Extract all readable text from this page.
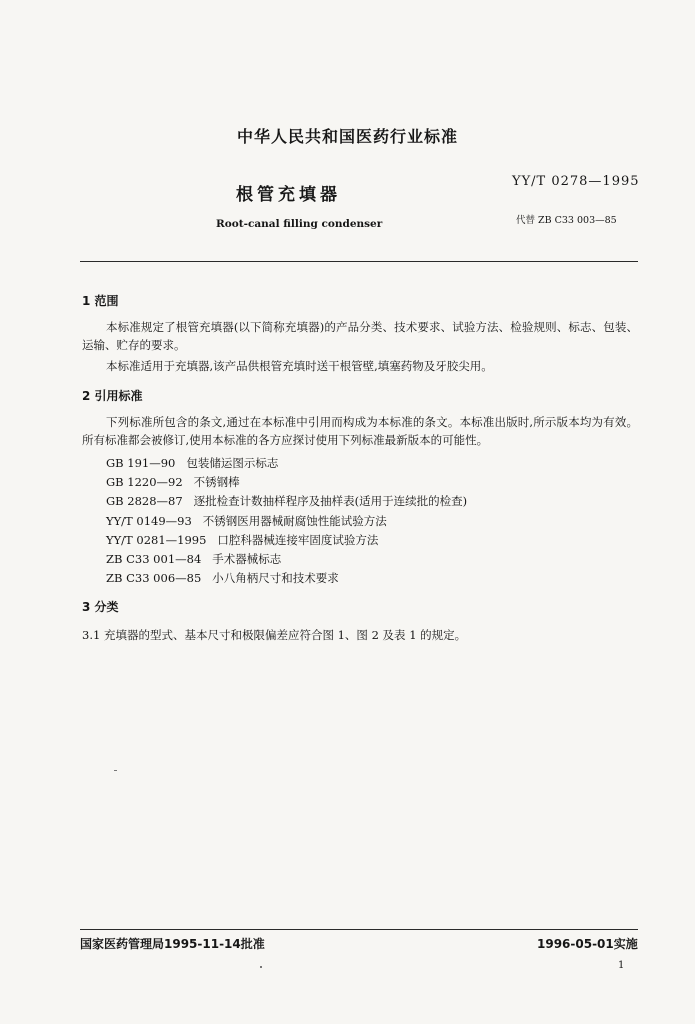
中华人民共和国医药行业标准
根管充填器
Root-canal filling condenser
YY/T 0278—1995
代替 ZB C33 003—85
1 范围
本标准规定了根管充填器(以下简称充填器)的产品分类、技术要求、试验方法、检验规则、标志、包装、运输、贮存的要求。
本标准适用于充填器,该产品供根管充填时送干根管壁,填塞药物及牙胶尖用。
2 引用标准
下列标准所包含的条文,通过在本标准中引用而构成为本标准的条文。本标准出版时,所示版本均为有效。所有标准都会被修订,使用本标准的各方应探讨使用下列标准最新版本的可能性。
GB 191—90 包装储运图示标志
GB 1220—92 不锈钢棒
GB 2828—87 逐批检查计数抽样程序及抽样表(适用于连续批的检查)
YY/T 0149—93 不锈钢医用器械耐腐蚀性能试验方法
YY/T 0281—1995 口腔科器械连接牢固度试验方法
ZB C33 001—84 手术器械标志
ZB C33 006—85 小八角柄尺寸和技术要求
3 分类
3.1 充填器的型式、基本尺寸和极限偏差应符合图 1、图 2 及表 1 的规定。
国家医药管理局1995-11-14批准	1996-05-01实施
1
